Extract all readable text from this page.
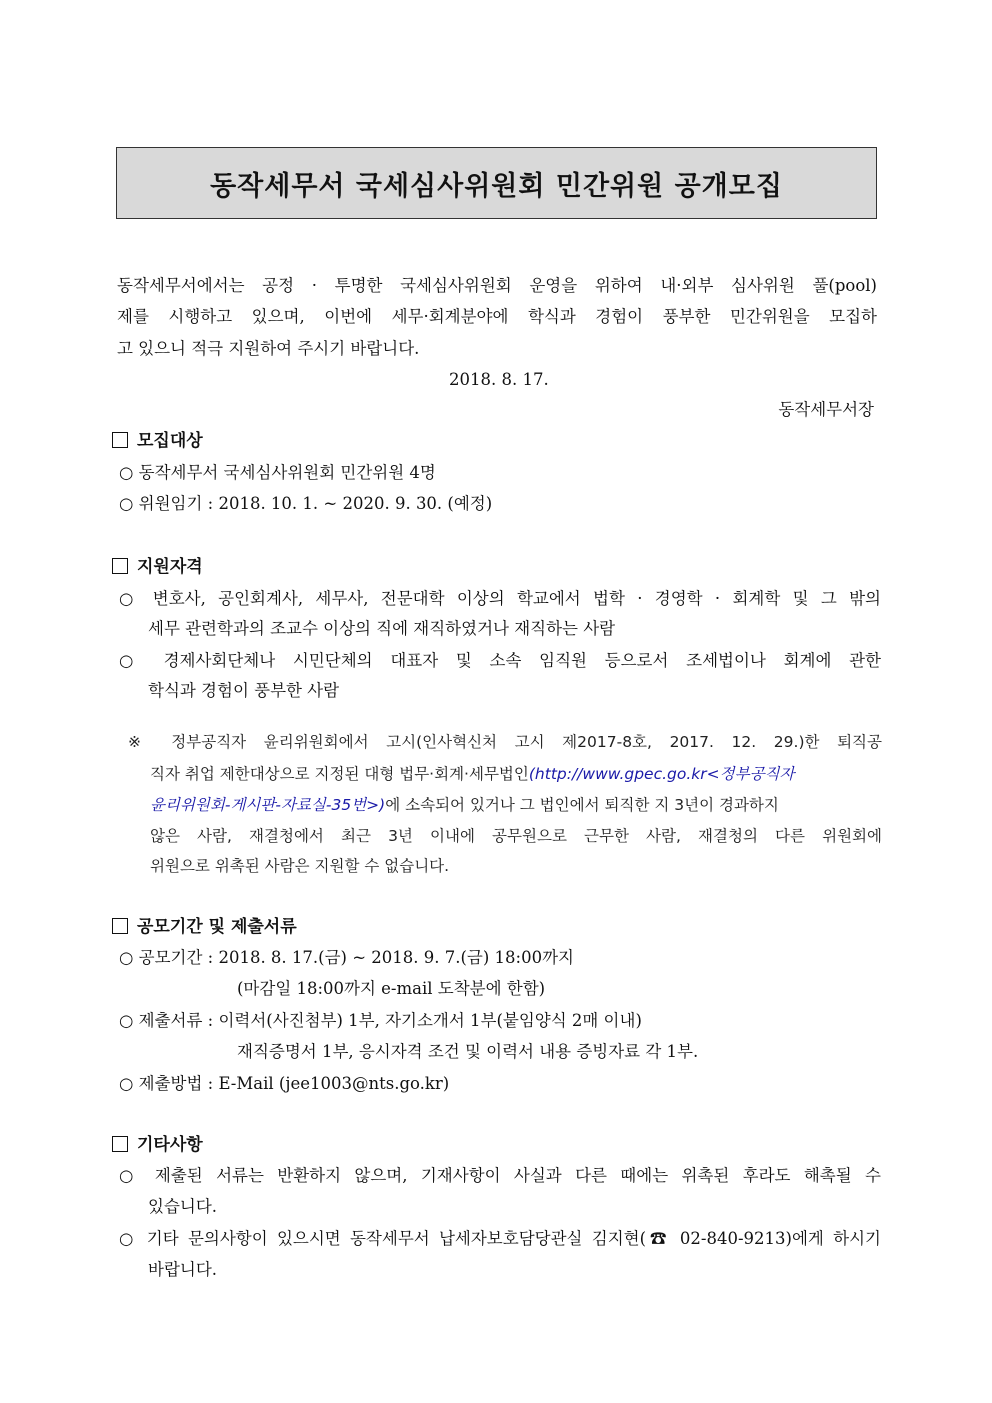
동작세무서 국세심사위원회 민간위원 공개모집
동작세무서에서는 공정 · 투명한 국세심사위원회 운영을 위하여 내·외부 심사위원 풀(pool)
제를 시행하고 있으며, 이번에 세무·회계분야에 학식과 경험이 풍부한 민간위원을 모집하
고 있으니 적극 지원하여 주시기 바랍니다.
2018. 8. 17.
동작세무서장
모집대상
○ 동작세무서 국세심사위원회 민간위원 4명
○ 위원임기 : 2018. 10. 1. ~ 2020. 9. 30. (예정)
지원자격
○ 변호사, 공인회계사, 세무사, 전문대학 이상의 학교에서 법학 · 경영학 · 회계학 및 그 밖의
세무 관련학과의 조교수 이상의 직에 재직하였거나 재직하는 사람
○ 경제사회단체나 시민단체의 대표자 및 소속 임직원 등으로서 조세법이나 회계에 관한
학식과 경험이 풍부한 사람
※ 정부공직자 윤리위원회에서 고시(인사혁신처 고시 제2017-8호, 2017. 12. 29.)한 퇴직공
직자 취업 제한대상으로 지정된 대형 법무·회계·세무법인(http://www.gpec.go.kr<정부공직자
윤리위원회-게시판-자료실-35번>)에 소속되어 있거나 그 법인에서 퇴직한 지 3년이 경과하지
않은 사람, 재결청에서 최근 3년 이내에 공무원으로 근무한 사람, 재결청의 다른 위원회에
위원으로 위촉된 사람은 지원할 수 없습니다.
공모기간 및 제출서류
○ 공모기간 : 2018. 8. 17.(금) ~ 2018. 9. 7.(금) 18:00까지
(마감일 18:00까지 e-mail 도착분에 한함)
○ 제출서류 : 이력서(사진첨부) 1부, 자기소개서 1부(붙임양식 2매 이내)
재직증명서 1부, 응시자격 조건 및 이력서 내용 증빙자료 각 1부.
○ 제출방법 : E-Mail (jee1003@nts.go.kr)
기타사항
○ 제출된 서류는 반환하지 않으며, 기재사항이 사실과 다른 때에는 위촉된 후라도 해촉될 수
있습니다.
○ 기타 문의사항이 있으시면 동작세무서 납세자보호담당관실 김지현(☎ 02-840-9213)에게 하시기
바랍니다.
